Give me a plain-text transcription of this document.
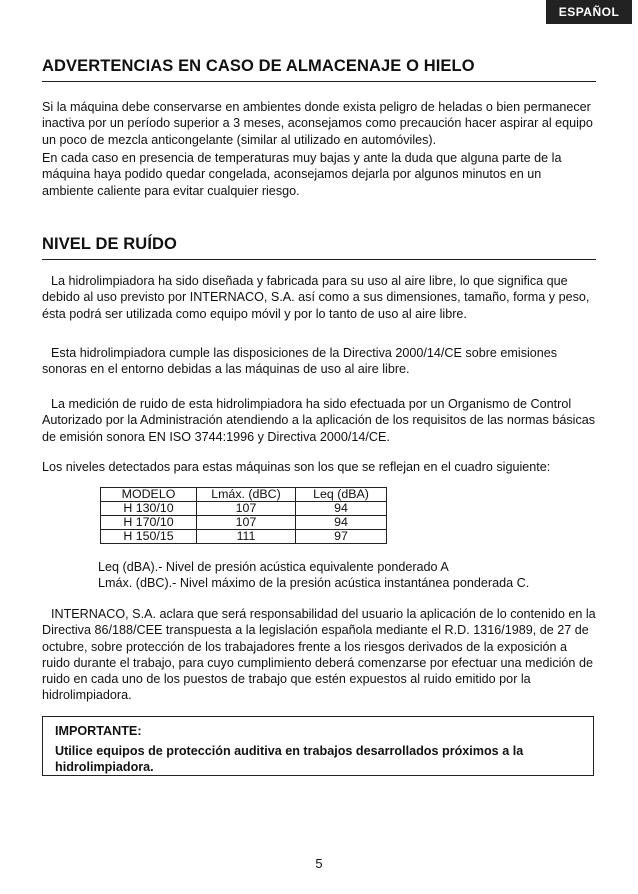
ESPAÑOL
ADVERTENCIAS EN CASO DE ALMACENAJE O HIELO

Si la máquina debe conservarse en ambientes donde exista peligro de heladas o bien permanecer inactiva por un período superior a 3 meses, aconsejamos como precaución hacer aspirar al equipo un poco de mezcla anticongelante (similar al utilizado en automóviles).

En cada caso en presencia de temperaturas muy bajas y ante la duda que alguna parte de la máquina haya podido quedar congelada, aconsejamos dejarla por algunos minutos en un ambiente caliente para evitar cualquier riesgo.

NIVEL DE RUÍDO

La hidrolimpiadora ha sido diseñada y fabricada para su uso al aire libre, lo que significa que debido al uso previsto por INTERNACO, S.A. así como a sus dimensiones, tamaño, forma y peso, ésta podrá ser utilizada como equipo móvil y por lo tanto de uso al aire libre.

Esta hidrolimpiadora cumple las disposiciones de la Directiva 2000/14/CE sobre emisiones sonoras en el entorno debidas a las máquinas de uso al aire libre.

La medición de ruido de esta hidrolimpiadora ha sido efectuada por un Organismo de Control Autorizado por la Administración atendiendo a la aplicación de los requisitos de las normas básicas de emisión sonora EN ISO 3744:1996 y Directiva 2000/14/CE.

Los niveles detectados para estas máquinas son los que se reflejan en el cuadro siguiente:

MODELO	Lmáx. (dBC)	Leq (dBA)
H 130/10	107	94
H 170/10	107	94
H 150/15	111	97
Leq (dBA).- Nivel de presión acústica equivalente ponderado A
Lmáx. (dBC).- Nivel máximo de la presión acústica instantánea ponderada C.

INTERNACO, S.A. aclara que será responsabilidad del usuario la aplicación de lo contenido en la Directiva 86/188/CEE transpuesta a la legislación española mediante el R.D. 1316/1989, de 27 de octubre, sobre protección de los trabajadores frente a los riesgos derivados de la exposición a ruido durante el trabajo, para cuyo cumplimiento deberá comenzarse por efectuar una medición de ruido en cada uno de los puestos de trabajo que estén expuestos al ruido emitido por la hidrolimpiadora.

IMPORTANTE:
Utilice equipos de protección auditiva en trabajos desarrollados próximos a la hidrolimpiadora.
5
